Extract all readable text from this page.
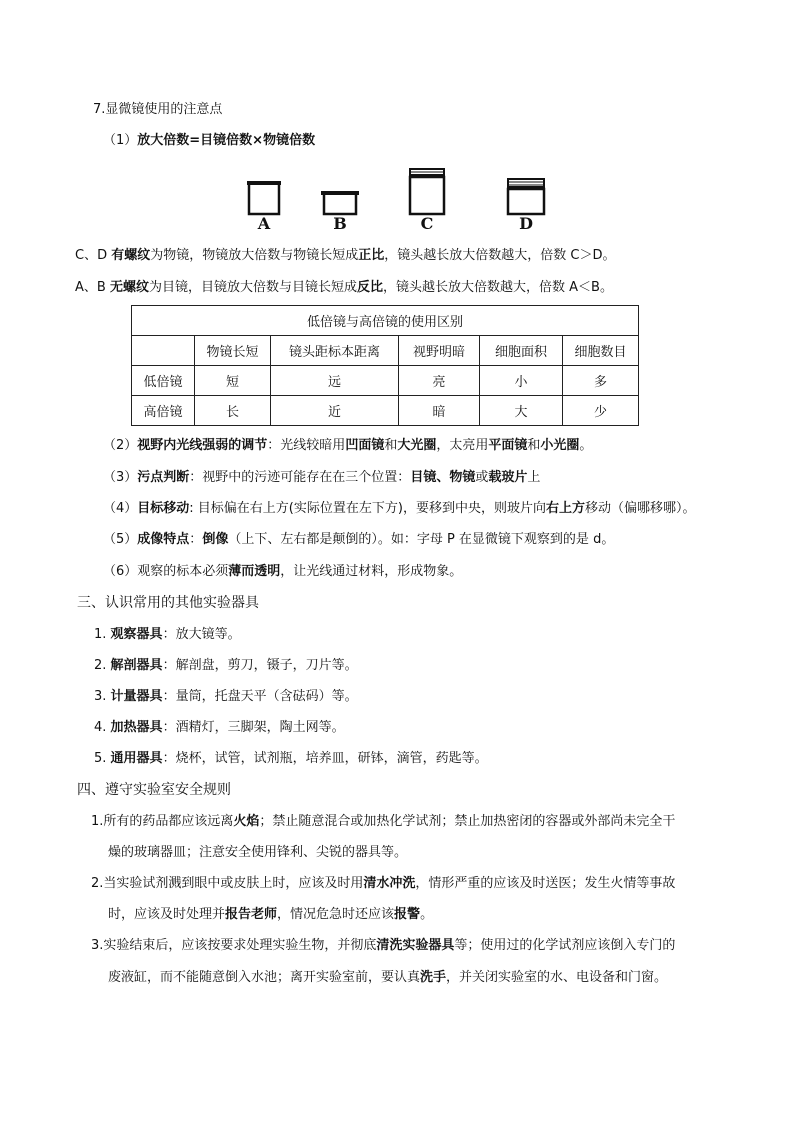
7.显微镜使用的注意点
（1）放大倍数=目镜倍数×物镜倍数
A	B	C	D
C、D 有螺纹为物镜，物镜放大倍数与物镜长短成正比，镜头越长放大倍数越大，倍数 C＞D。
A、B 无螺纹为目镜，目镜放大倍数与目镜长短成反比，镜头越长放大倍数越大，倍数 A＜B。
低倍镜与高倍镜的使用区别					
	物镜长短	镜头距标本距离	视野明暗	细胞面积	细胞数目
低倍镜	短	远	亮	小	多
高倍镜	长	近	暗	大	少
（2）视野内光线强弱的调节：光线较暗用凹面镜和大光圈，太亮用平面镜和小光圈。
（3）污点判断：视野中的污迹可能存在在三个位置：目镜、物镜或载玻片上
（4）目标移动: 目标偏在右上方(实际位置在左下方)，要移到中央，则玻片向右上方移动（偏哪移哪）。
（5）成像特点：倒像（上下、左右都是颠倒的）。如：字母 P 在显微镜下观察到的是 d。
（6）观察的标本必须薄而透明，让光线通过材料，形成物象。
三、认识常用的其他实验器具
1. 观察器具：放大镜等。
2. 解剖器具：解剖盘，剪刀，镊子，刀片等。
3. 计量器具：量筒，托盘天平（含砝码）等。
4. 加热器具：酒精灯，三脚架，陶土网等。
5. 通用器具：烧杯，试管，试剂瓶，培养皿，研钵，滴管，药匙等。
四、遵守实验室安全规则
1.所有的药品都应该远离火焰；禁止随意混合或加热化学试剂；禁止加热密闭的容器或外部尚未完全干
燥的玻璃器皿；注意安全使用锋利、尖锐的器具等。
2.当实验试剂溅到眼中或皮肤上时，应该及时用清水冲洗，情形严重的应该及时送医；发生火情等事故
时，应该及时处理并报告老师，情况危急时还应该报警。
3.实验结束后，应该按要求处理实验生物，并彻底清洗实验器具等；使用过的化学试剂应该倒入专门的
废液缸，而不能随意倒入水池；离开实验室前，要认真洗手，并关闭实验室的水、电设备和门窗。
